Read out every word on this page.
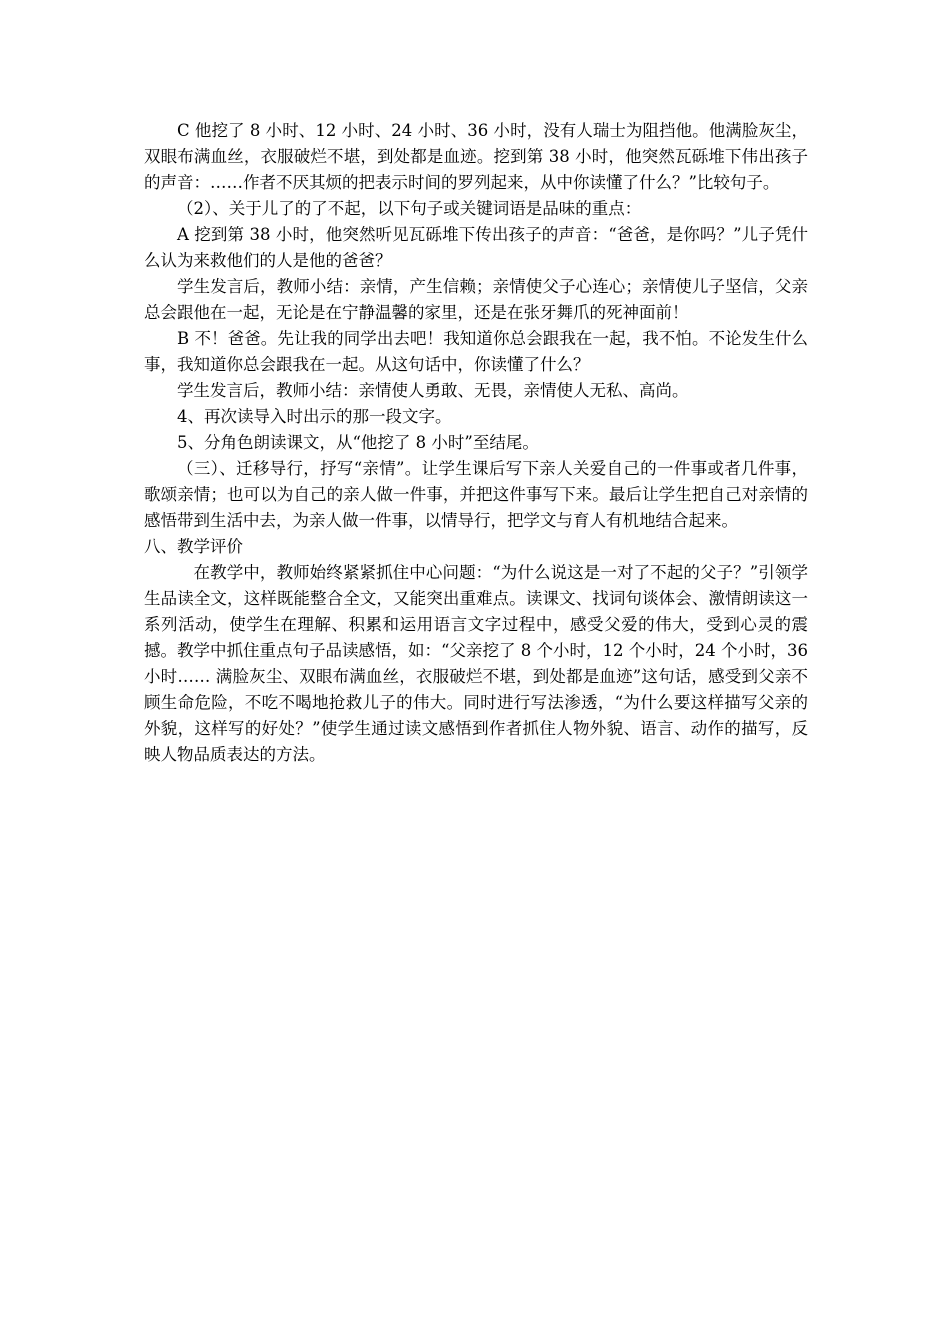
C 他挖了 8 小时、12 小时、24 小时、36 小时，没有人瑞士为阻挡他。他满脸灰尘，双眼布满血丝，衣服破烂不堪，到处都是血迹。挖到第 38 小时，他突然瓦砾堆下伟出孩子的声音：……作者不厌其烦的把表示时间的罗列起来，从中你读懂了什么？”比较句子。

（2）、关于儿了的了不起，以下句子或关键词语是品味的重点：

A 挖到第 38 小时，他突然听见瓦砾堆下传出孩子的声音：“爸爸，是你吗？”儿子凭什么认为来救他们的人是他的爸爸？

学生发言后，教师小结：亲情，产生信赖；亲情使父子心连心；亲情使儿子坚信，父亲总会跟他在一起，无论是在宁静温馨的家里，还是在张牙舞爪的死神面前！

B 不！爸爸。先让我的同学出去吧！我知道你总会跟我在一起，我不怕。不论发生什么事，我知道你总会跟我在一起。从这句话中，你读懂了什么？

学生发言后，教师小结：亲情使人勇敢、无畏，亲情使人无私、高尚。

4、再次读导入时出示的那一段文字。

5、分角色朗读课文，从“他挖了 8 小时”至结尾。

（三）、迁移导行，抒写“亲情”。让学生课后写下亲人关爱自己的一件事或者几件事，歌颂亲情；也可以为自己的亲人做一件事，并把这件事写下来。最后让学生把自己对亲情的感悟带到生活中去，为亲人做一件事，以情导行，把学文与育人有机地结合起来。

八、教学评价

在教学中，教师始终紧紧抓住中心问题：“为什么说这是一对了不起的父子？”引领学生品读全文，这样既能整合全文，又能突出重难点。读课文、找词句谈体会、激情朗读这一系列活动，使学生在理解、积累和运用语言文字过程中，感受父爱的伟大，受到心灵的震撼。教学中抓住重点句子品读感悟，如：“父亲挖了 8 个小时，12 个小时，24 个小时，36 小时…… 满脸灰尘、双眼布满血丝，衣服破烂不堪，到处都是血迹”这句话，感受到父亲不顾生命危险，不吃不喝地抢救儿子的伟大。同时进行写法渗透，“为什么要这样描写父亲的外貌，这样写的好处？”使学生通过读文感悟到作者抓住人物外貌、语言、动作的描写，反映人物品质表达的方法。
